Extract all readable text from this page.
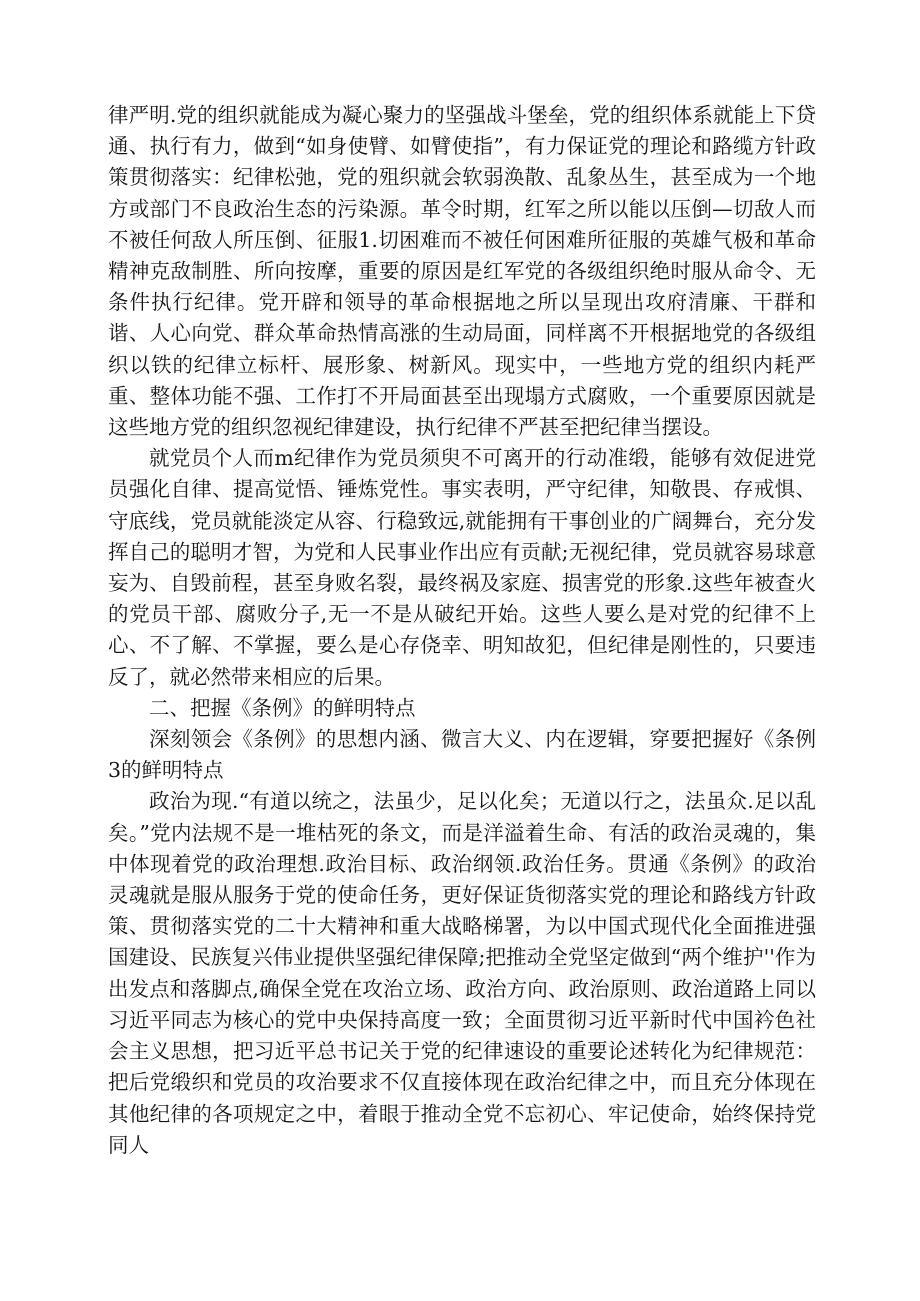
律严明.党的组织就能成为凝心聚力的坚强战斗堡垒，党的组织体系就能上下贷通、执行有力，做到“如身使臂、如臂使指”，有力保证党的理论和路缆方针政策贯彻落实：纪律松弛，党的殂织就会软弱涣散、乱象丛生，甚至成为一个地方或部门不良政治生态的污染源。革令时期，红军之所以能以压倒—切敌人而不被任何敌人所压倒、征服1.切困难而不被任何困难所征服的英雄气极和革命精神克敌制胜、所向按摩，重要的原因是红军党的各级组织绝时服从命令、无条件执行纪律。党开辟和领导的革命根据地之所以呈现出攻府清廉、干群和谐、人心向党、群众革命热情高涨的生动局面，同样离不开根据地党的各级组织以铁的纪律立标杆、展形象、树新风。现实中，一些地方党的组织内耗严重、整体功能不强、工作打不开局面甚至出现塌方式腐败，一个重要原因就是这些地方党的组织忽视纪律建设，执行纪律不严甚至把纪律当摆设。

就党员个人而m纪律作为党员须臾不可离开的行动准缎，能够有效促进党员强化自律、提高觉悟、锤炼党性。事实表明，严守纪律，知敬畏、存戒惧、守底线，党员就能淡定从容、行稳致远,就能拥有干事创业的广阔舞台，充分发挥自己的聪明才智，为党和人民事业作出应有贡献;无视纪律，党员就容易球意妄为、自毁前程，甚至身败名裂，最终祸及家庭、损害党的形象.这些年被查火的党员干部、腐败分子,无一不是从破纪开始。这些人要么是对党的纪律不上心、不了解、不掌握，要么是心存侥幸、明知故犯，但纪律是刚性的，只要违反了，就必然带来相应的后果。

二、把握《条例》的鲜明特点

深刻领会《条例》的思想内涵、微言大义、内在逻辑，穿要把握好《条例3的鲜明特点

政治为现.“有道以统之，法虽少，足以化矣；无道以行之，法虽众.足以乱矣。”党内法规不是一堆枯死的条文，而是洋溢着生命、有活的政治灵魂的，集中体现着党的政治理想.政治目标、政治纲领.政治任务。贯通《条例》的政治灵魂就是服从服务于党的使命任务，更好保证货彻落实党的理论和路线方针政策、贯彻落实党的二十大精神和重大战略梯署，为以中国式现代化全面推进强国建设、民族复兴伟业提供坚强纪律保障;把推动全党坚定做到“两个维护''作为出发点和落脚点,确保全党在攻治立场、政治方向、政治原则、政治道路上同以习近平同志为核心的党中央保持高度一致；全面贯彻习近平新时代中国衿色社会主义思想，把习近平总书记关于党的纪律速设的重要论述转化为纪律规范：把后党缎织和党员的攻治要求不仅直接体现在政治纪律之中，而且充分体现在其他纪律的各项规定之中，着眼于推动全党不忘初心、牢记使命，始终保持党同人
